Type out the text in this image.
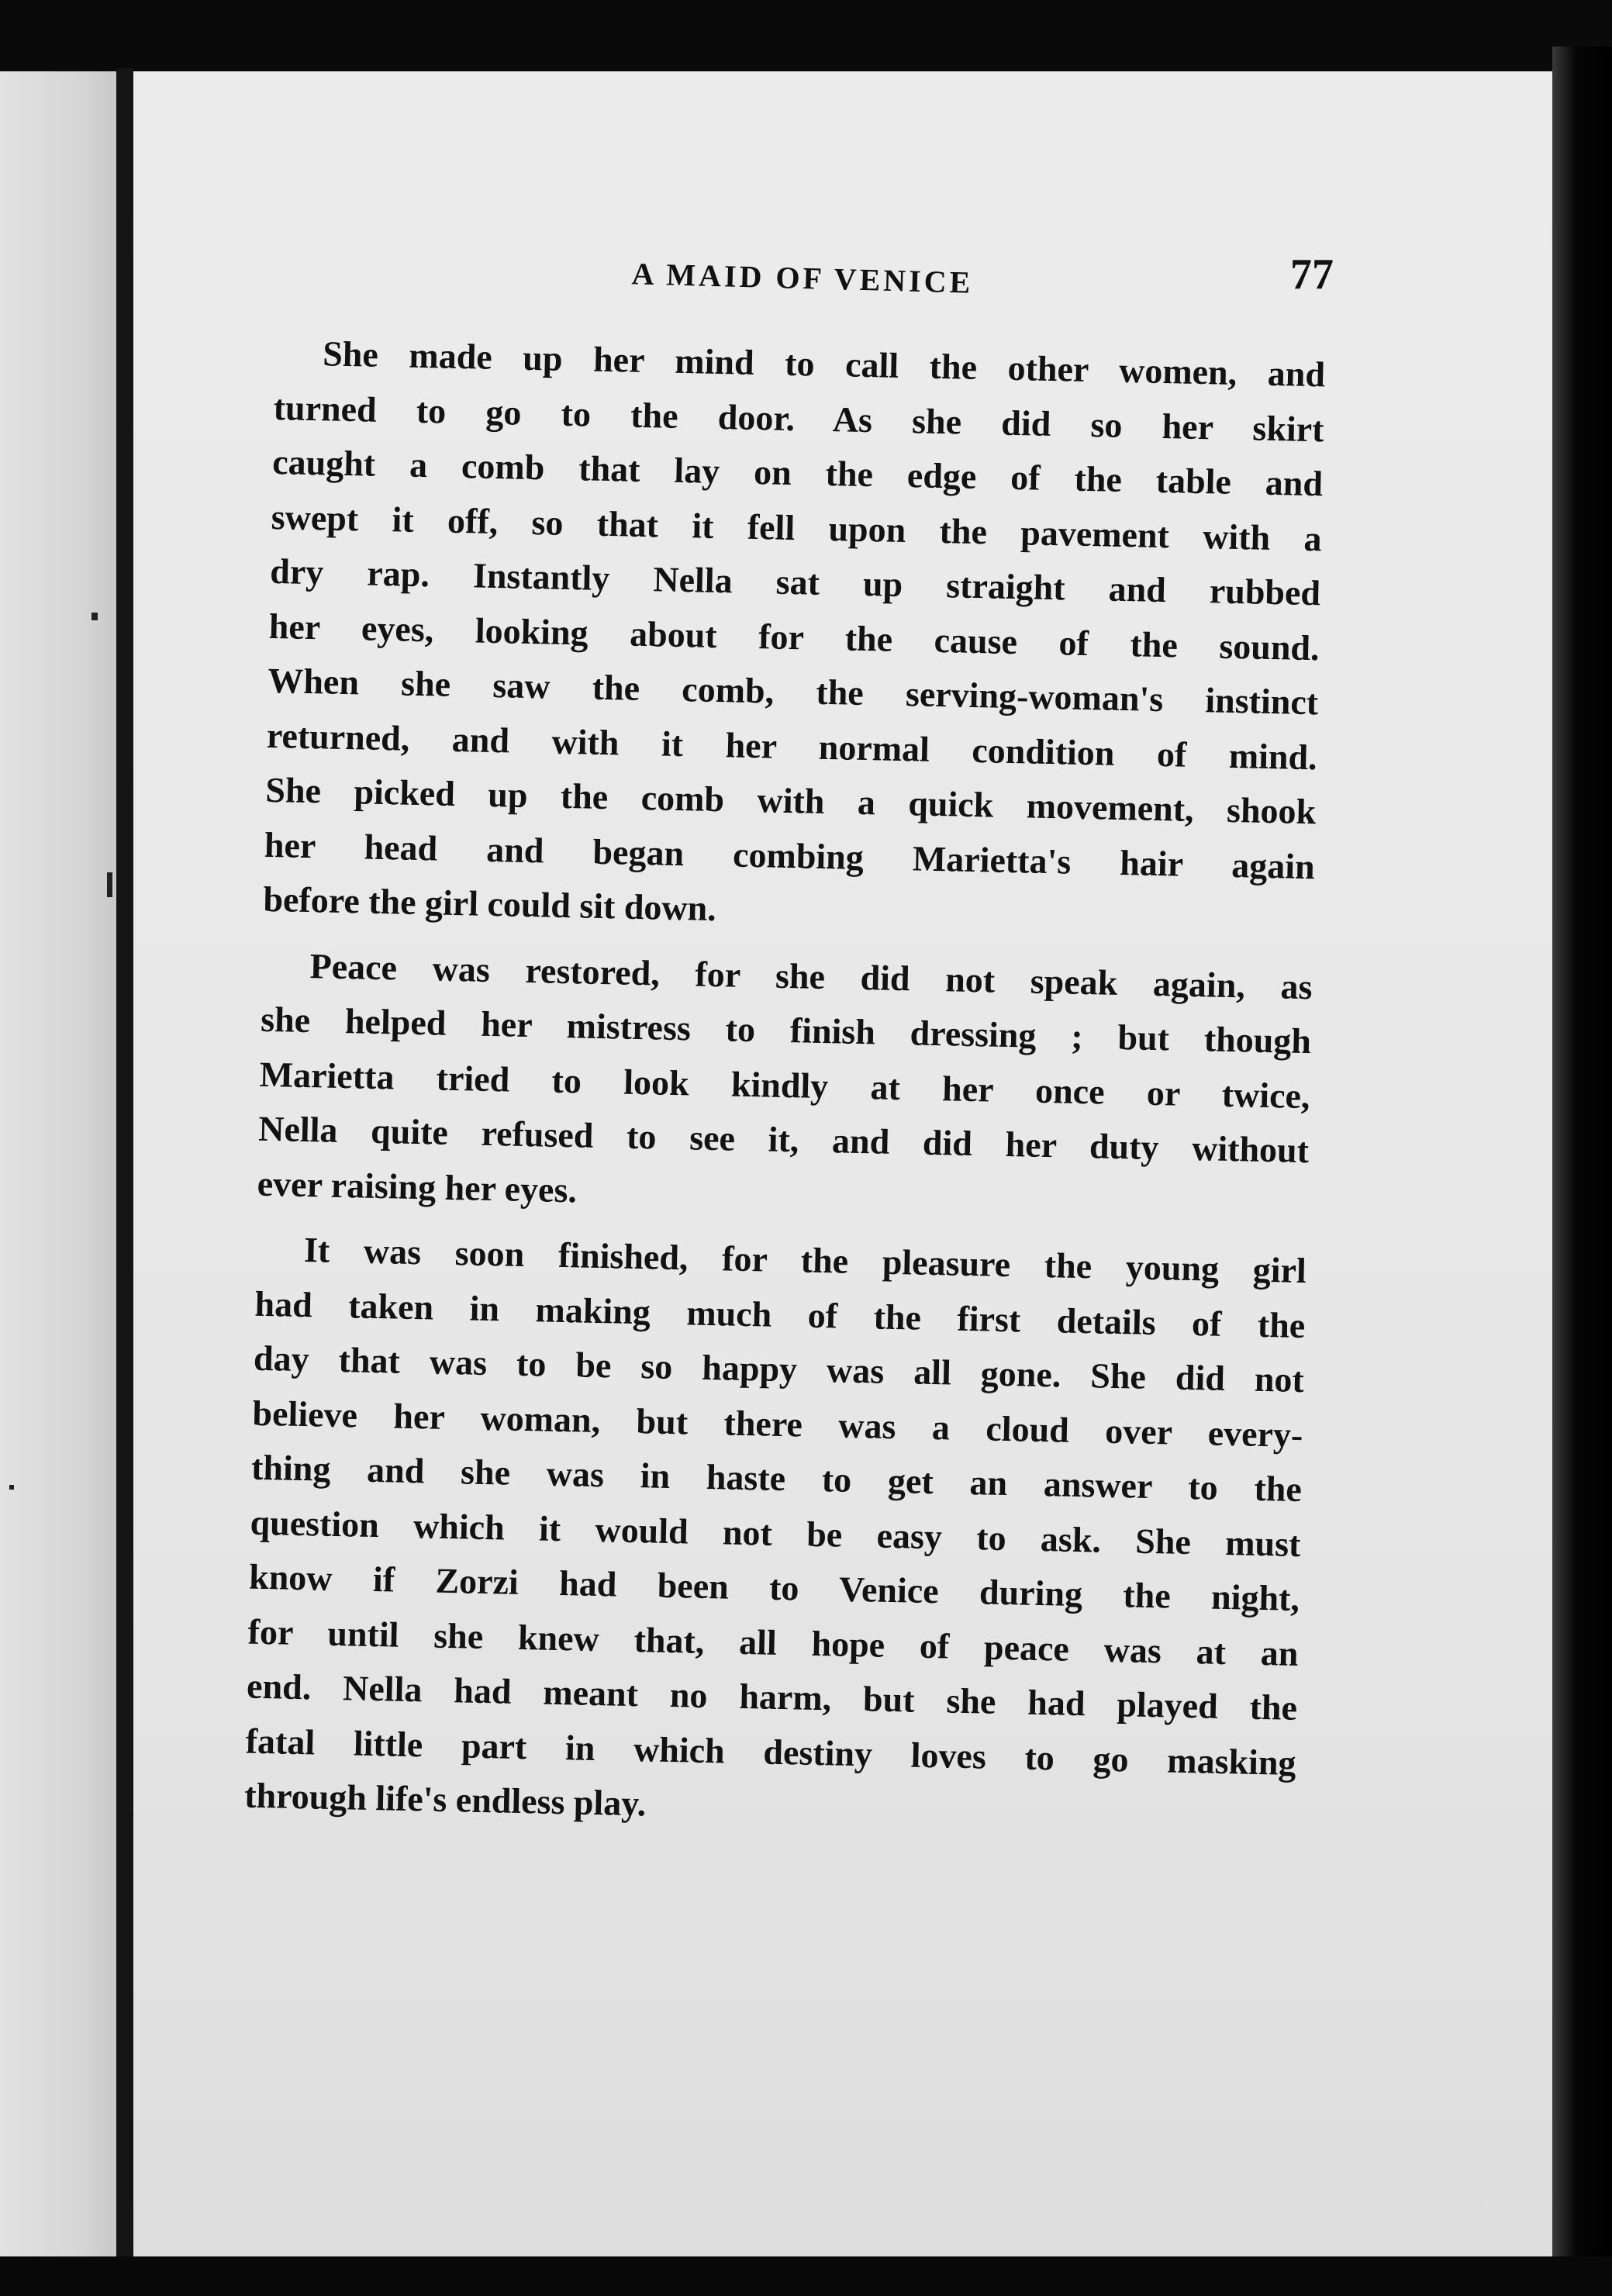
A MAID OF VENICE	77
She made up her mind to call the other women, and
turned to go to the door. As she did so her skirt
caught a comb that lay on the edge of the table and
swept it off, so that it fell upon the pavement with a
dry rap. Instantly Nella sat up straight and rubbed
her eyes, looking about for the cause of the sound.
When she saw the comb, the serving-woman's instinct
returned, and with it her normal condition of mind.
She picked up the comb with a quick movement, shook
her head and began combing Marietta's hair again
before the girl could sit down.
Peace was restored, for she did not speak again, as
she helped her mistress to finish dressing ; but though
Marietta tried to look kindly at her once or twice,
Nella quite refused to see it, and did her duty without
ever raising her eyes.
It was soon finished, for the pleasure the young girl
had taken in making much of the first details of the
day that was to be so happy was all gone. She did not
believe her woman, but there was a cloud over every-
thing and she was in haste to get an answer to the
question which it would not be easy to ask. She must
know if Zorzi had been to Venice during the night,
for until she knew that, all hope of peace was at an
end. Nella had meant no harm, but she had played the
fatal little part in which destiny loves to go masking
through life's endless play.
